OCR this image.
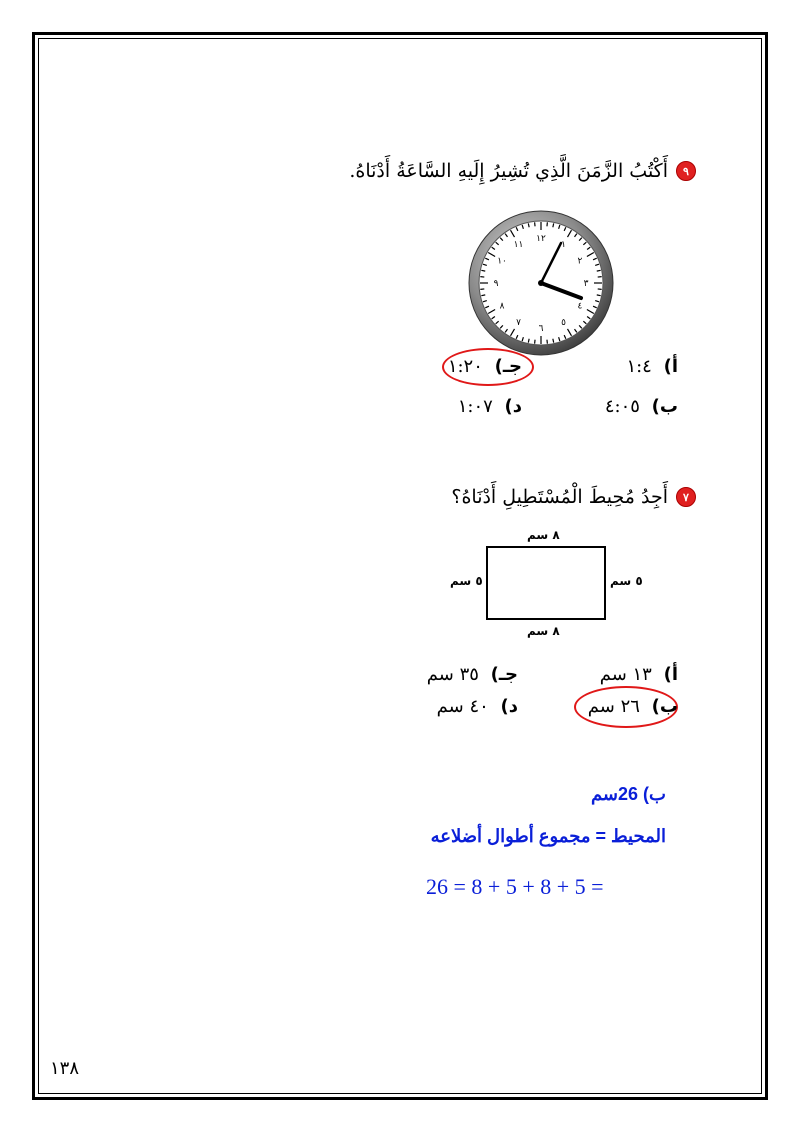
٩
أَكْتُبُ الزَّمَنَ الَّذِي تُشِيرُ إِلَيهِ السَّاعَةُ أَدْنَاهُ.
١٢
١
٢
٣
٤
٥
٦
٧
٨
٩
١٠
١١
أ) ١:٤
جـ) ١:٢٠
ب) ٤:٠٥
د) ١:٠٧
٧
أَجِدُ مُحِيطَ الْمُسْتَطِيلِ أَدْنَاهُ؟
٨ سم
٥ سم	٥ سم
٨ سم
أ) ١٣ سم
جـ) ٣٥ سم
ب) ٢٦ سم
د) ٤٠ سم
ب) 26سم
المحيط = مجموع أطوال أضلاعه
26 = 8 + 5 + 8 + 5 =
١٣٨
